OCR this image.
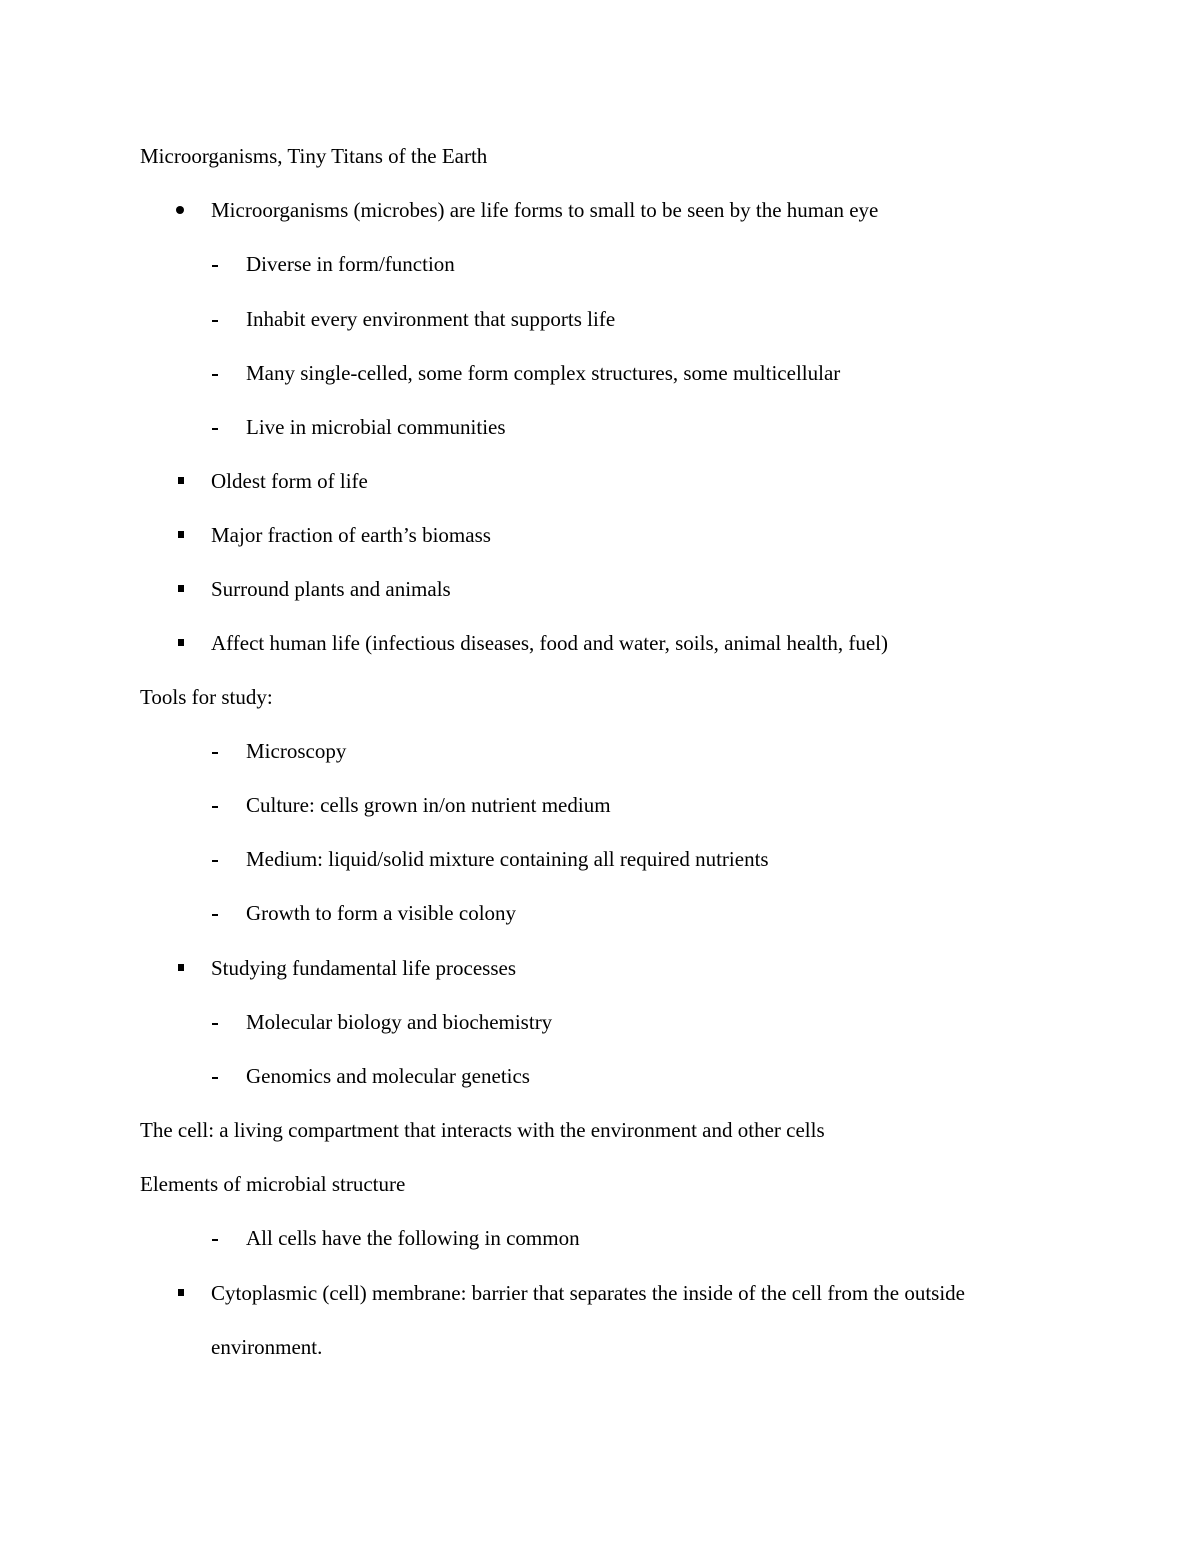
Microorganisms, Tiny Titans of the Earth
Microorganisms (microbes) are life forms to small to be seen by the human eye
Diverse in form/function
Inhabit every environment that supports life
Many single-celled, some form complex structures, some multicellular
Live in microbial communities
Oldest form of life
Major fraction of earth’s biomass
Surround plants and animals
Affect human life (infectious diseases, food and water, soils, animal health, fuel)
Tools for study:
Microscopy
Culture: cells grown in/on nutrient medium
Medium: liquid/solid mixture containing all required nutrients
Growth to form a visible colony
Studying fundamental life processes
Molecular biology and biochemistry
Genomics and molecular genetics
The cell: a living compartment that interacts with the environment and other cells
Elements of microbial structure
All cells have the following in common
Cytoplasmic (cell) membrane: barrier that separates the inside of the cell from the outside
environment.
